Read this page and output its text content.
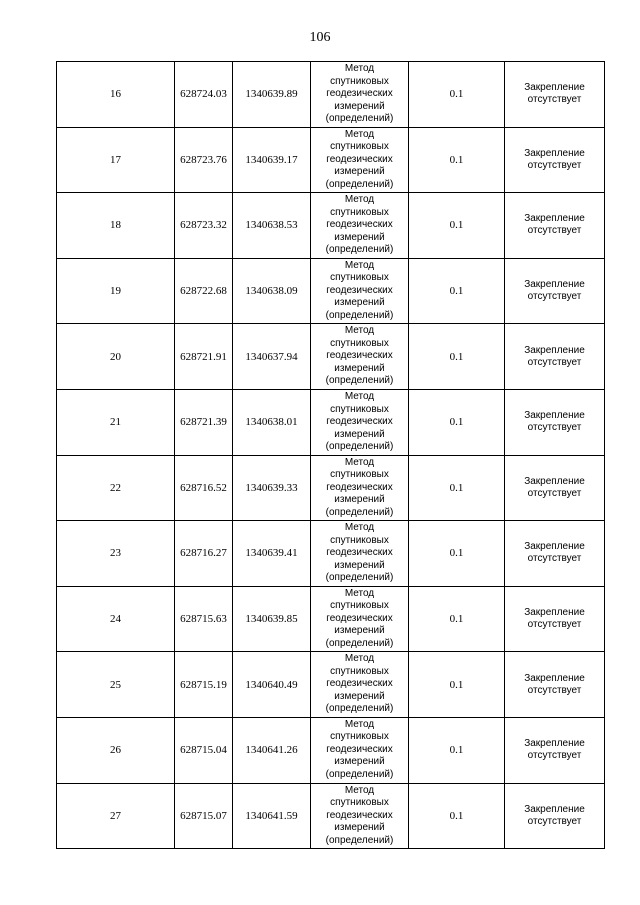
106
16	628724.03	1340639.89	Метод
спутниковых
геодезических
измерений
(определений)	0.1	Закрепление
отсутствует

17	628723.76	1340639.17	Метод
спутниковых
геодезических
измерений
(определений)	0.1	Закрепление
отсутствует

18	628723.32	1340638.53	Метод
спутниковых
геодезических
измерений
(определений)	0.1	Закрепление
отсутствует

19	628722.68	1340638.09	Метод
спутниковых
геодезических
измерений
(определений)	0.1	Закрепление
отсутствует

20	628721.91	1340637.94	Метод
спутниковых
геодезических
измерений
(определений)	0.1	Закрепление
отсутствует

21	628721.39	1340638.01	Метод
спутниковых
геодезических
измерений
(определений)	0.1	Закрепление
отсутствует

22	628716.52	1340639.33	Метод
спутниковых
геодезических
измерений
(определений)	0.1	Закрепление
отсутствует

23	628716.27	1340639.41	Метод
спутниковых
геодезических
измерений
(определений)	0.1	Закрепление
отсутствует

24	628715.63	1340639.85	Метод
спутниковых
геодезических
измерений
(определений)	0.1	Закрепление
отсутствует

25	628715.19	1340640.49	Метод
спутниковых
геодезических
измерений
(определений)	0.1	Закрепление
отсутствует

26	628715.04	1340641.26	Метод
спутниковых
геодезических
измерений
(определений)	0.1	Закрепление
отсутствует

27	628715.07	1340641.59	Метод
спутниковых
геодезических
измерений
(определений)	0.1	Закрепление
отсутствует
